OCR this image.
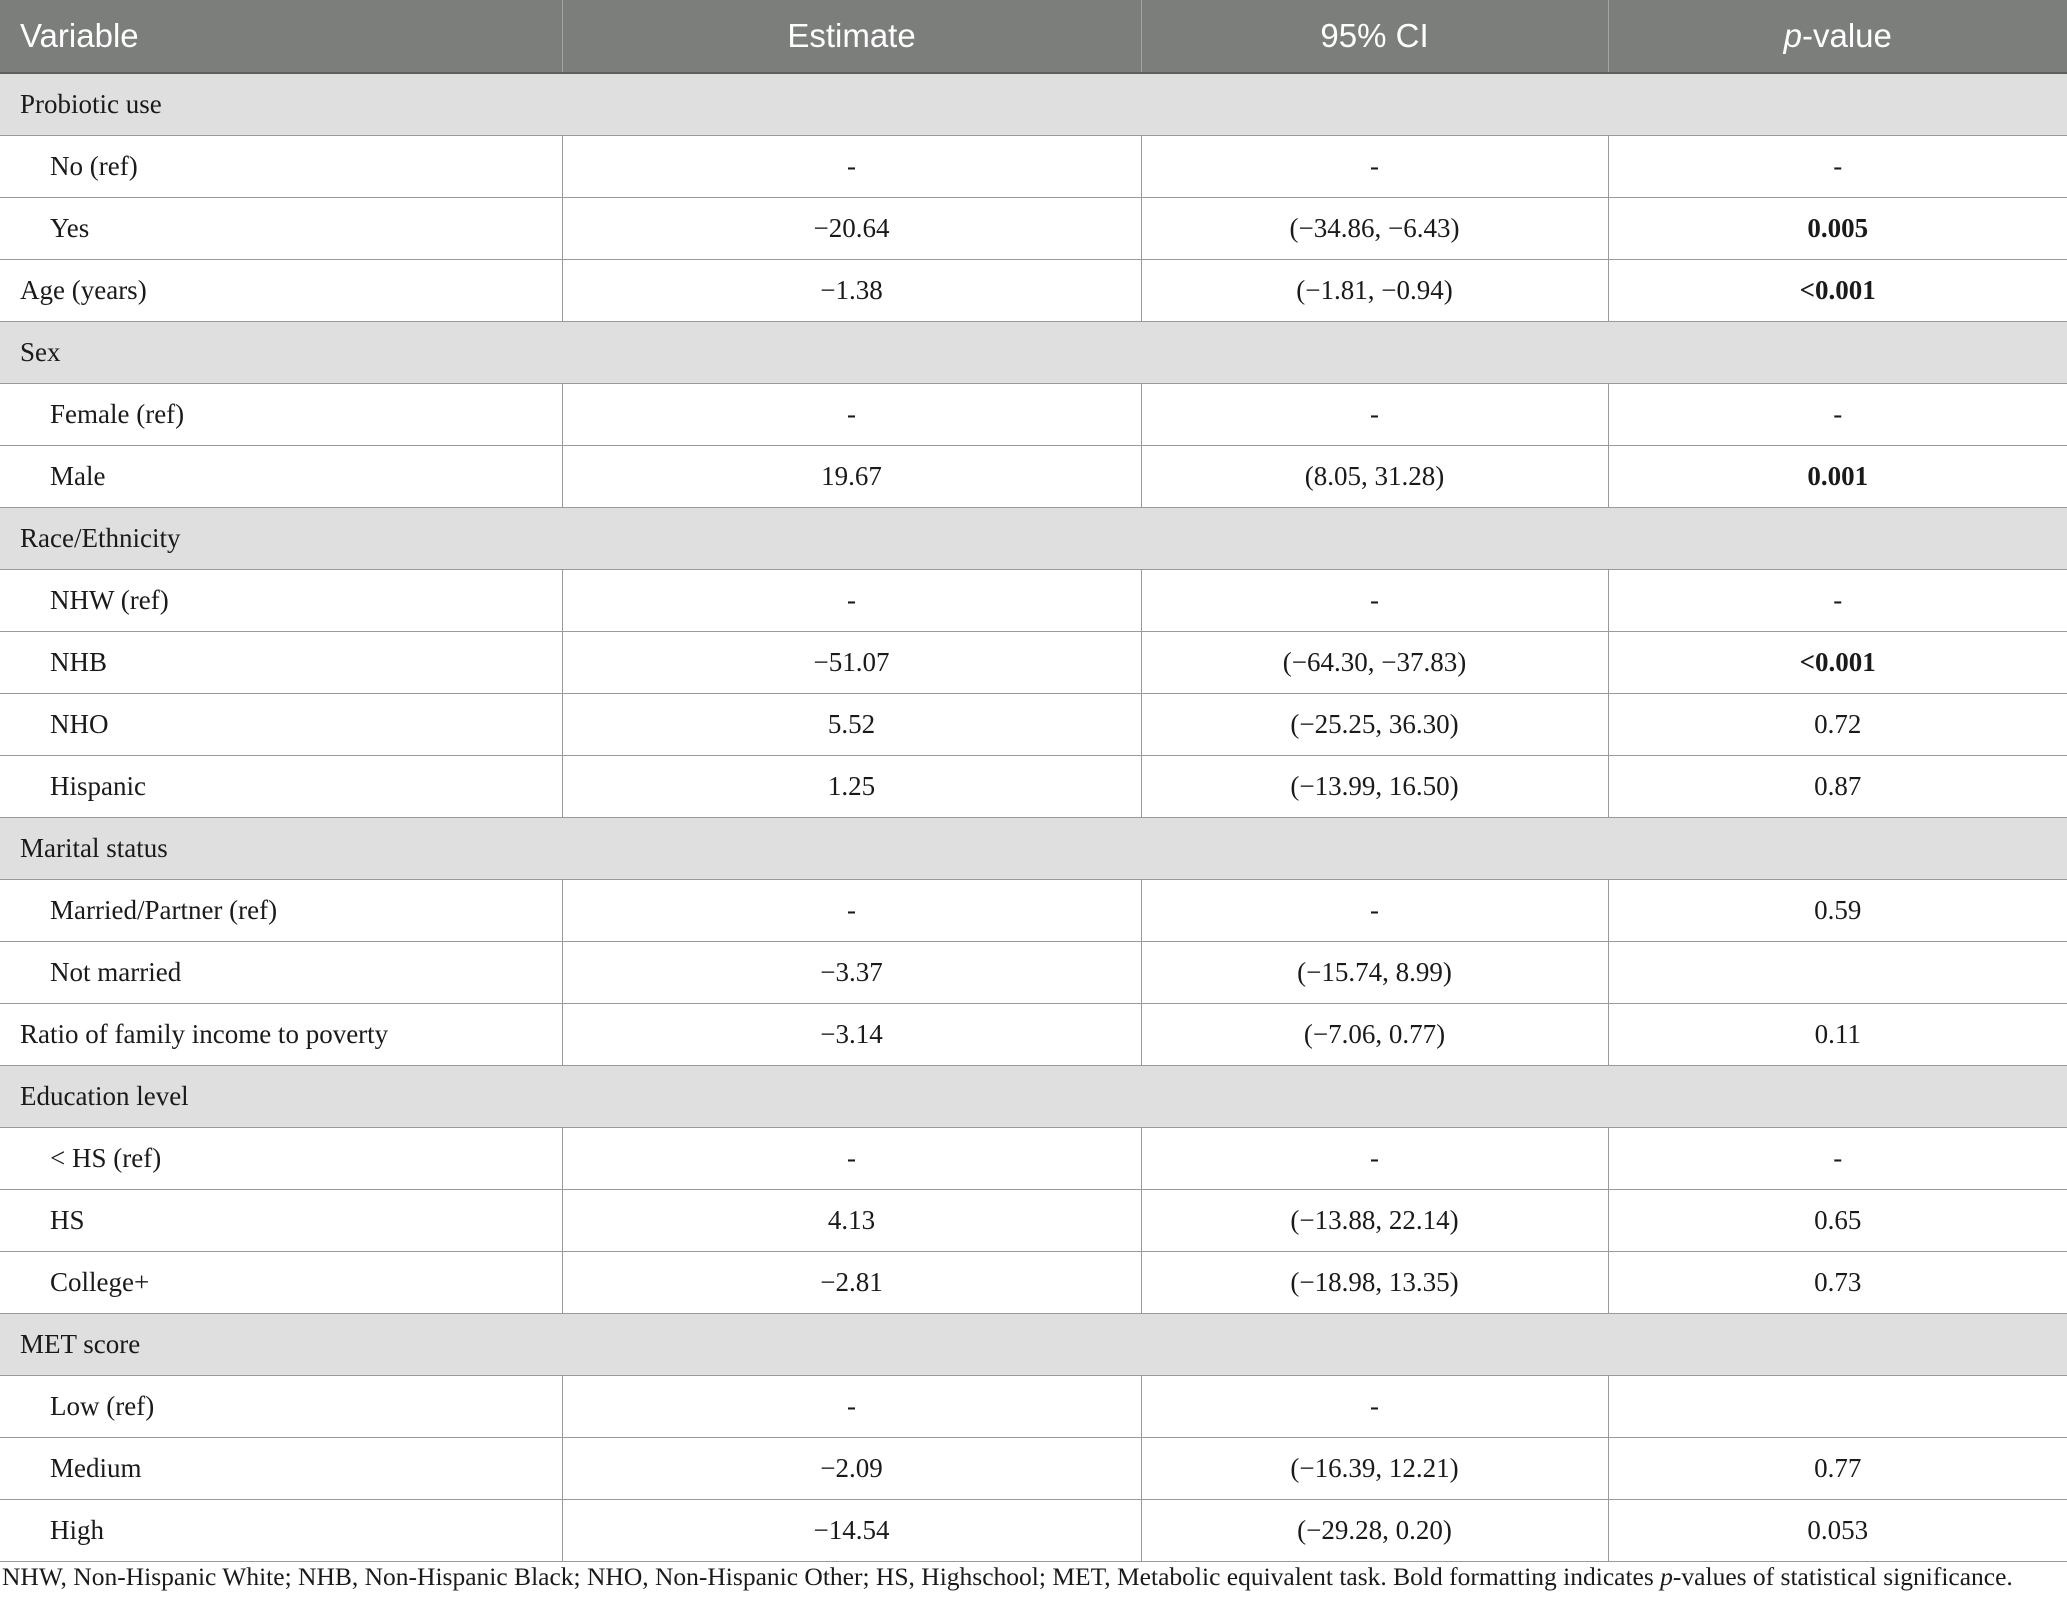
Variable	Estimate	95% CI	p-value
Probiotic use			
No (ref)	-	-	-
Yes	−20.64	(−34.86, −6.43)	0.005
Age (years)	−1.38	(−1.81, −0.94)	<0.001
Sex			
Female (ref)	-	-	-
Male	19.67	(8.05, 31.28)	0.001
Race/Ethnicity			
NHW (ref)	-	-	-
NHB	−51.07	(−64.30, −37.83)	<0.001
NHO	5.52	(−25.25, 36.30)	0.72
Hispanic	1.25	(−13.99, 16.50)	0.87
Marital status			
Married/Partner (ref)	-	-	0.59
Not married	−3.37	(−15.74, 8.99)	
Ratio of family income to poverty	−3.14	(−7.06, 0.77)	0.11
Education level			
< HS (ref)	-	-	-
HS	4.13	(−13.88, 22.14)	0.65
College+	−2.81	(−18.98, 13.35)	0.73
MET score			
Low (ref)	-	-	
Medium	−2.09	(−16.39, 12.21)	0.77
High	−14.54	(−29.28, 0.20)	0.053
NHW, Non-Hispanic White; NHB, Non-Hispanic Black; NHO, Non-Hispanic Other; HS, Highschool; MET, Metabolic equivalent task. Bold formatting indicates p-values of statistical significance.
